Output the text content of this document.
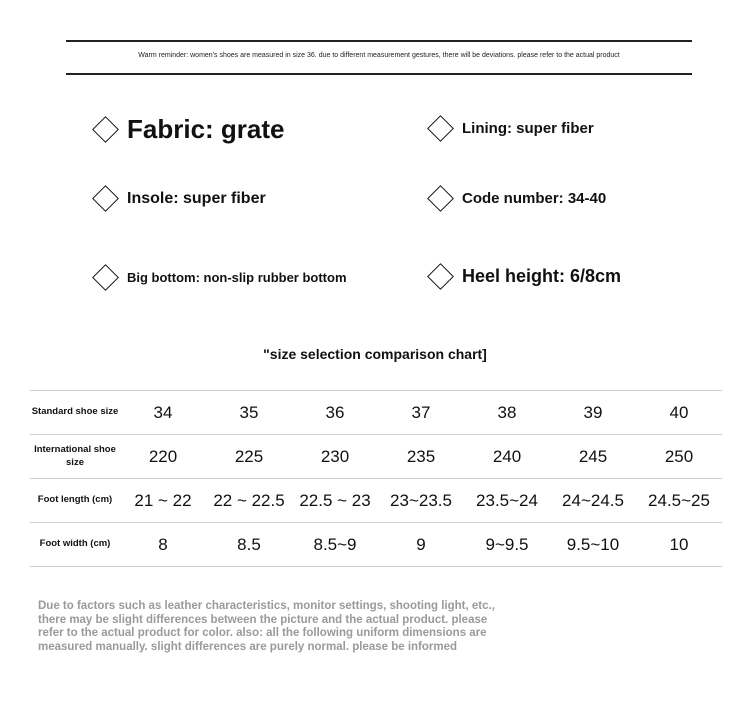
Warm reminder: women's shoes are measured in size 36. due to different measurement gestures, there will be deviations. please refer to the actual product
Fabric: grate	Lining: super fiber
Insole: super fiber	Code number: 34-40
Big bottom: non-slip rubber bottom	Heel height: 6/8cm
"size selection comparison chart]
Standard shoe size	34	35	36	37	38	39	40
International shoe size	220	225	230	235	240	245	250
Foot length (cm)	21 ~ 22	22 ~ 22.5	22.5 ~ 23	23~23.5	23.5~24	24~24.5	24.5~25
Foot width (cm)	8	8.5	8.5~9	9	9~9.5	9.5~10	10
Due to factors such as leather characteristics, monitor settings, shooting light, etc., there may be slight differences between the picture and the actual product. please refer to the actual product for color. also: all the following uniform dimensions are measured manually. slight differences are purely normal. please be informed
